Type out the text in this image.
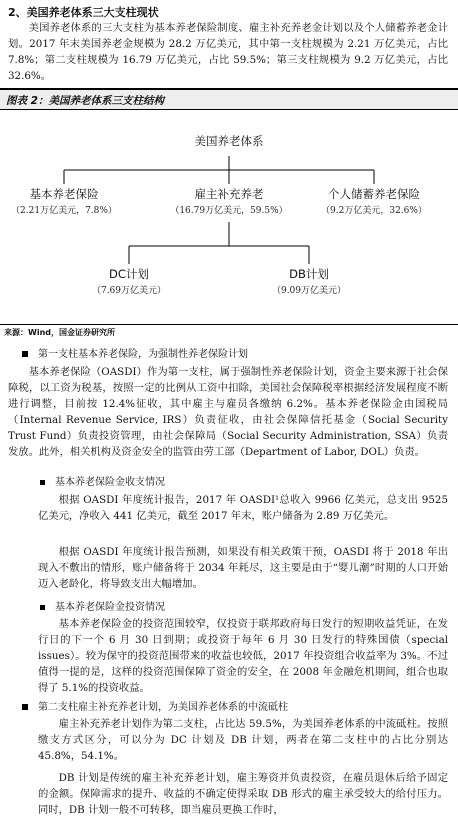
2、美国养老体系三大支柱现状

美国养老体系的三大支柱为基本养老保险制度、雇主补充养老金计划以及个人储蓄养老金计划。2017 年末美国养老金规模为 28.2 万亿美元，其中第一支柱规模为 2.21 万亿美元，占比 7.8%；第二支柱规模为 16.79 万亿美元，占比 59.5%；第三支柱规模为 9.2 万亿美元，占比 32.6%。

图表 2：美国养老体系三支柱结构
美国养老体系
基本养老保险
（2.21万亿美元，7.8%）
雇主补充养老
（16.79万亿美元，59.5%）
个人储蓄养老保险
（9.2万亿美元，32.6%）
DC计划
（7.69万亿美元）
DB计划
（9.09万亿美元）
来源：Wind，国金证券研究所
第一支柱基本养老保险，为强制性养老保险计划

基本养老保险（OASDI）作为第一支柱，属于强制性养老保险计划，资金主要来源于社会保障税，以工资为税基，按照一定的比例从工资中扣除，美国社会保障税率根据经济发展程度不断进行调整，目前按 12.4%征收，其中雇主与雇员各缴纳 6.2%。基本养老保险金由国税局（Internal Revenue Service, IRS）负责征收，由社会保障信托基金（Social Security Trust Fund）负责投资管理，由社会保障局（Social Security Administration, SSA）负责发放。此外，相关机构及资金安全的监管由劳工部（Department of Labor, DOL）负责。

基本养老保险金收支情况

根据 OASDI 年度统计报告，2017 年 OASDI¹总收入 9966 亿美元，总支出 9525 亿美元，净收入 441 亿美元，截至 2017 年末，账户储备为 2.89 万亿美元。

根据 OASDI 年度统计报告预测，如果没有相关政策干预，OASDI 将于 2018 年出现入不敷出的情形，账户储备将于 2034 年耗尽，这主要是由于“婴儿潮”时期的人口开始迈入老龄化，将导致支出大幅增加。

基本养老保险金投资情况

基本养老保险金的投资范围较窄，仅投资于联邦政府每日发行的短期收益凭证，在发行日的下一个 6 月 30 日到期；或投资于每年 6 月 30 日发行的特殊国债（special issues）。较为保守的投资范围带来的收益也较低，2017 年投资组合收益率为 3%。不过值得一提的是，这样的投资范围保障了资金的安全，在 2008 年金融危机期间，组合也取得了 5.1%的投资收益。

第二支柱雇主补充养老计划，为美国养老体系的中流砥柱

雇主补充养老计划作为第二支柱，占比达 59.5%，为美国养老体系的中流砥柱。按照缴支方式区分，可以分为 DC 计划及 DB 计划，两者在第二支柱中的占比分别达 45.8%，54.1%。

DB 计划是传统的雇主补充养老计划，雇主筹资并负责投资，在雇员退休后给予固定的金额。保障需求的提升、收益的不确定使得采取 DB 形式的雇主承受较大的给付压力。同时，DB 计划一般不可转移，即当雇员更换工作时，
